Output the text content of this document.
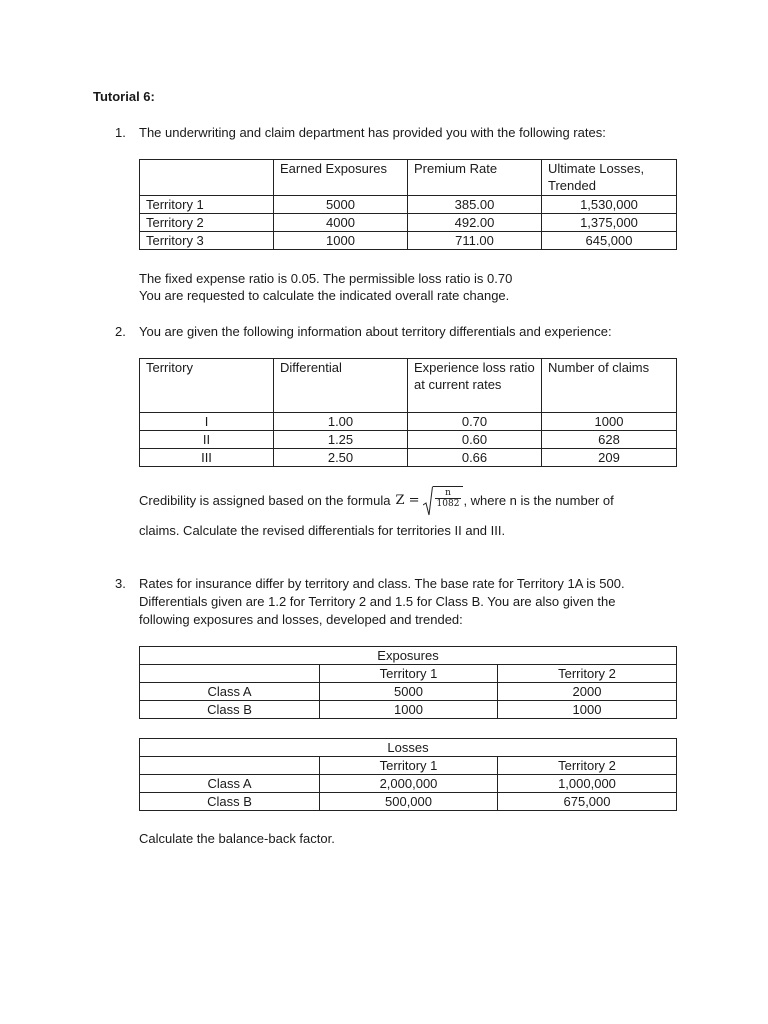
Tutorial 6:
1. The underwriting and claim department has provided you with the following rates:
	Earned Exposures	Premium Rate	Ultimate Losses, Trended
Territory 1	5000	385.00	1,530,000
Territory 2	4000	492.00	1,375,000
Territory 3	1000	711.00	645,000
The fixed expense ratio is 0.05. The permissible loss ratio is 0.70
You are requested to calculate the indicated overall rate change.
2. You are given the following information about territory differentials and experience:
Territory	Differential	Experience loss ratio at current rates	Number of claims
I	1.00	0.70	1000
II	1.25	0.60	628
III	2.50	0.66	209
Credibility is assigned based on the formula $Z = \frac{n}{1082}$ , where n is the number of
claims. Calculate the revised differentials for territories II and III.
3. Rates for insurance differ by territory and class. The base rate for Territory 1A is 500.
Differentials given are 1.2 for Territory 2 and 1.5 for Class B. You are also given the
following exposures and losses, developed and trended:
Exposures		
	Territory 1	Territory 2
Class A	5000	2000
Class B	1000	1000
Losses		
	Territory 1	Territory 2
Class A	2,000,000	1,000,000
Class B	500,000	675,000
Calculate the balance-back factor.
